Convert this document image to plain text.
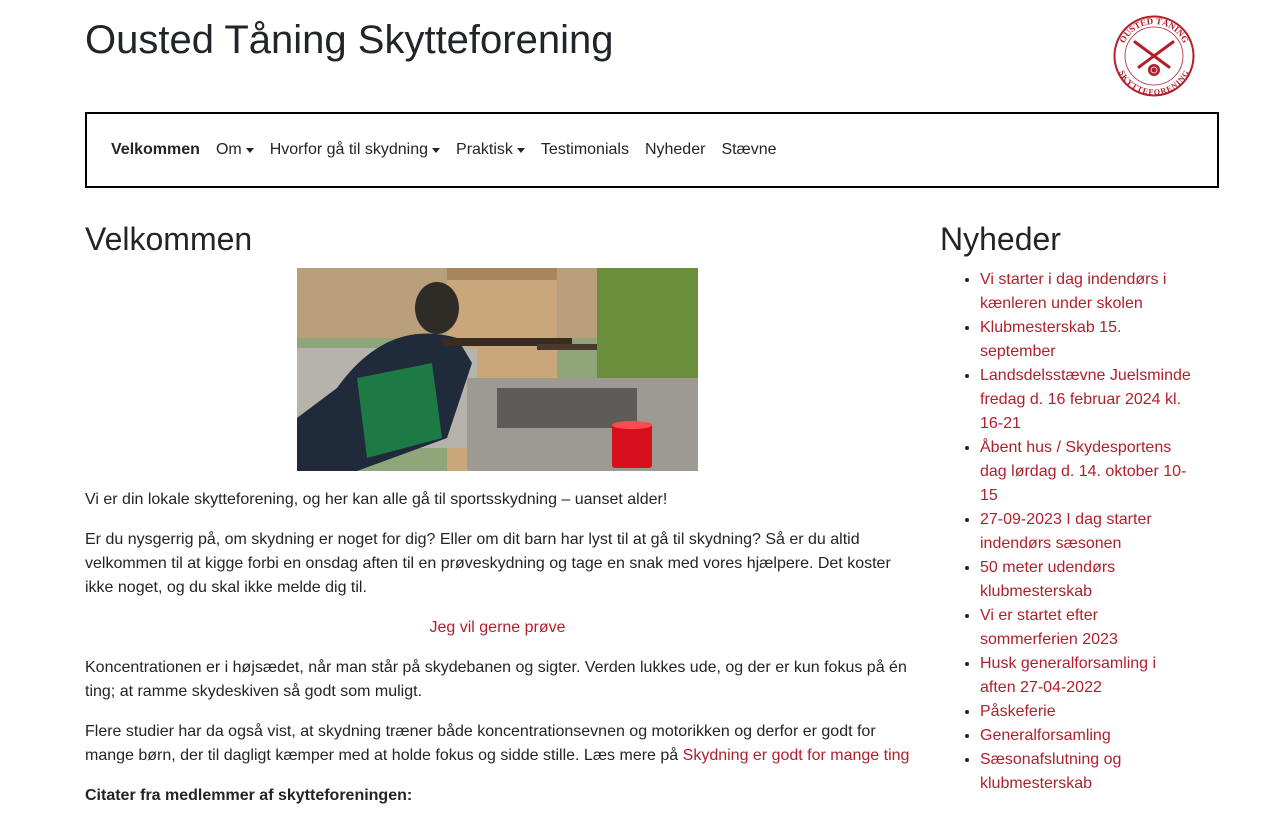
Ousted Tåning Skytteforening	OUSTED TÅNING
SKYTTEFORENING
Velkommen Om Hvorfor gå til skydning Praktisk Testimonials Nyheder Stævne
Velkommen

Vi er din lokale skytteforening, og her kan alle gå til sportsskydning – uanset alder!

Er du nysgerrig på, om skydning er noget for dig? Eller om dit barn har lyst til at gå til skydning? Så er du altid velkommen til at kigge forbi en onsdag aften til en prøveskydning og tage en snak med vores hjælpere. Det koster ikke noget, og du skal ikke melde dig til.

Jeg vil gerne prøve

Koncentrationen er i højsædet, når man står på skydebanen og sigter. Verden lukkes ude, og der er kun fokus på én ting; at ramme skydeskiven så godt som muligt.

Flere studier har da også vist, at skydning træner både koncentrationsevnen og motorikken og derfor er godt for mange børn, der til dagligt kæmper med at holde fokus og sidde stille. Læs mere på Skydning er godt for mange ting

Citater fra medlemmer af skytteforeningen:

Nyheder
• Vi starter i dag indendørs i kænleren under skolen
• Klubmesterskab 15. september
• Landsdelsstævne Juelsminde fredag d. 16 februar 2024 kl. 16-21
• Åbent hus / Skydesportens dag lørdag d. 14. oktober 10-15
• 27-09-2023 I dag starter indendørs sæsonen
• 50 meter udendørs klubmesterskab
• Vi er startet efter sommerferien 2023
• Husk generalforsamling i aften 27-04-2022
• Påskeferie
• Generalforsamling
• Sæsonafslutning og klubmesterskab
